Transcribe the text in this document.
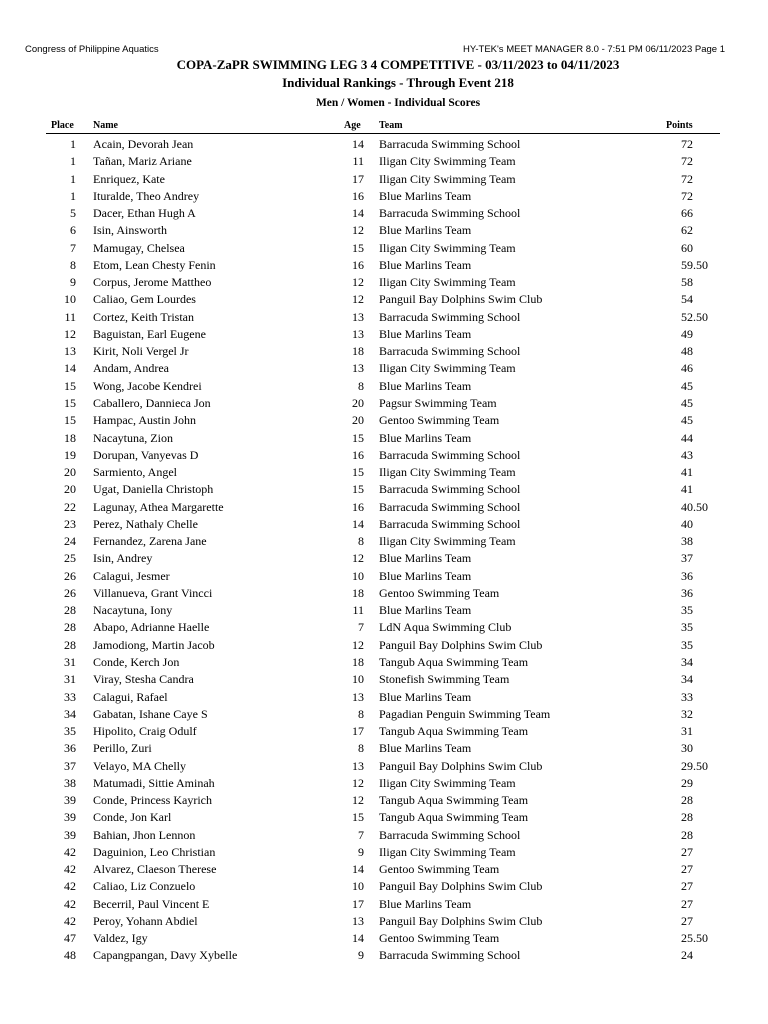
Congress of Philippine Aquatics	HY-TEK's MEET MANAGER 8.0 - 7:51 PM 06/11/2023 Page 1
COPA-ZaPR SWIMMING LEG 3 4 COMPETITIVE - 03/11/2023 to 04/11/2023
Individual Rankings - Through Event 218
Men / Women - Individual Scores
Place Name	Age Team	Points
1 Acain, Devorah Jean	14 Barracuda Swimming School	72
1 Tañan, Mariz Ariane	11 Iligan City Swimming Team	72
1 Enriquez, Kate	17 Iligan City Swimming Team	72
1 Ituralde, Theo Andrey	16 Blue Marlins Team	72
5 Dacer, Ethan Hugh A	14 Barracuda Swimming School	66
6 Isin, Ainsworth	12 Blue Marlins Team	62
7 Mamugay, Chelsea	15 Iligan City Swimming Team	60
8 Etom, Lean Chesty Fenin	16 Blue Marlins Team	59.50
9 Corpus, Jerome Mattheo	12 Iligan City Swimming Team	58
10 Caliao, Gem Lourdes	12 Panguil Bay Dolphins Swim Club	54
11 Cortez, Keith Tristan	13 Barracuda Swimming School	52.50
12 Baguistan, Earl Eugene	13 Blue Marlins Team	49
13 Kirit, Noli Vergel Jr	18 Barracuda Swimming School	48
14 Andam, Andrea	13 Iligan City Swimming Team	46
15 Wong, Jacobe Kendrei	8 Blue Marlins Team	45
15 Caballero, Dannieca Jon	20 Pagsur Swimming Team	45
15 Hampac, Austin John	20 Gentoo Swimming Team	45
18 Nacaytuna, Zion	15 Blue Marlins Team	44
19 Dorupan, Vanyevas D	16 Barracuda Swimming School	43
20 Sarmiento, Angel	15 Iligan City Swimming Team	41
20 Ugat, Daniella Christoph	15 Barracuda Swimming School	41
22 Lagunay, Athea Margarette	16 Barracuda Swimming School	40.50
23 Perez, Nathaly Chelle	14 Barracuda Swimming School	40
24 Fernandez, Zarena Jane	8 Iligan City Swimming Team	38
25 Isin, Andrey	12 Blue Marlins Team	37
26 Calagui, Jesmer	10 Blue Marlins Team	36
26 Villanueva, Grant Vincci	18 Gentoo Swimming Team	36
28 Nacaytuna, Iony	11 Blue Marlins Team	35
28 Abapo, Adrianne Haelle	7 LdN Aqua Swimming Club	35
28 Jamodiong, Martin Jacob	12 Panguil Bay Dolphins Swim Club	35
31 Conde, Kerch Jon	18 Tangub Aqua Swimming Team	34
31 Viray, Stesha Candra	10 Stonefish Swimming Team	34
33 Calagui, Rafael	13 Blue Marlins Team	33
34 Gabatan, Ishane Caye S	8 Pagadian Penguin Swimming Team	32
35 Hipolito, Craig Odulf	17 Tangub Aqua Swimming Team	31
36 Perillo, Zuri	8 Blue Marlins Team	30
37 Velayo, MA Chelly	13 Panguil Bay Dolphins Swim Club	29.50
38 Matumadi, Sittie Aminah	12 Iligan City Swimming Team	29
39 Conde, Princess Kayrich	12 Tangub Aqua Swimming Team	28
39 Conde, Jon Karl	15 Tangub Aqua Swimming Team	28
39 Bahian, Jhon Lennon	7 Barracuda Swimming School	28
42 Daguinion, Leo Christian	9 Iligan City Swimming Team	27
42 Alvarez, Claeson Therese	14 Gentoo Swimming Team	27
42 Caliao, Liz Conzuelo	10 Panguil Bay Dolphins Swim Club	27
42 Becerril, Paul Vincent E	17 Blue Marlins Team	27
42 Peroy, Yohann Abdiel	13 Panguil Bay Dolphins Swim Club	27
47 Valdez, Igy	14 Gentoo Swimming Team	25.50
48 Capangpangan, Davy Xybelle	9 Barracuda Swimming School	24
